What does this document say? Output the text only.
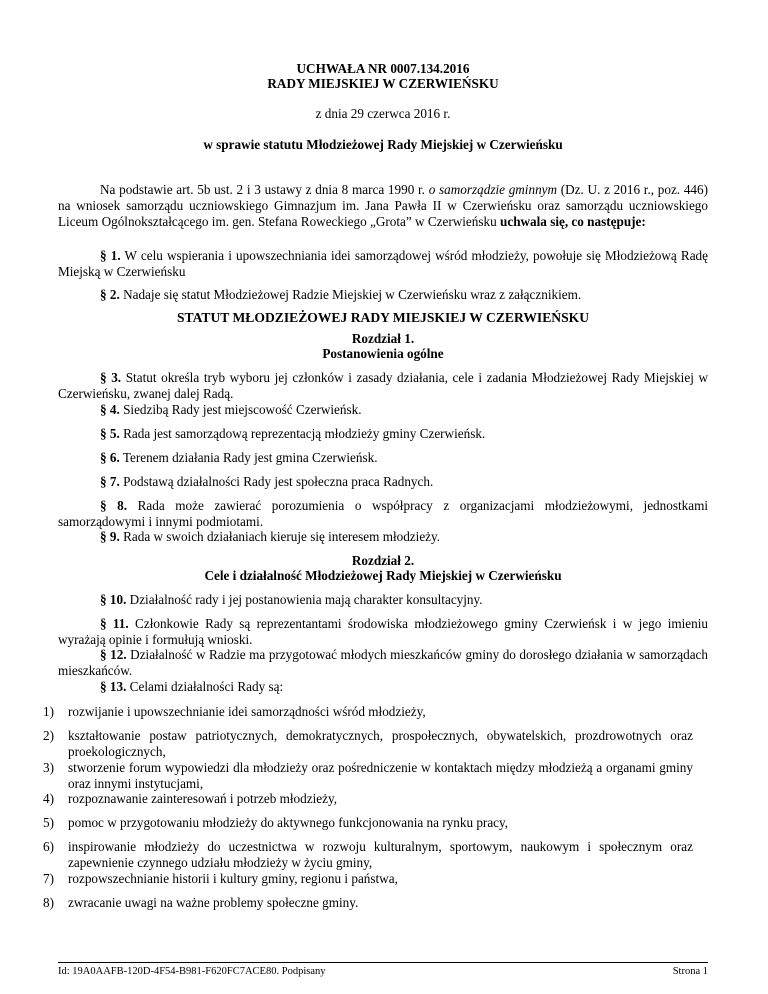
UCHWAŁA NR 0007.134.2016
RADY MIEJSKIEJ W CZERWIEŃSKU
z dnia 29 czerwca 2016 r.
w sprawie statutu Młodzieżowej Rady Miejskiej w Czerwieńsku
Na podstawie art. 5b ust. 2 i 3 ustawy z dnia 8 marca 1990 r. o samorządzie gminnym (Dz. U. z 2016 r., poz. 446) na wniosek samorządu uczniowskiego Gimnazjum im. Jana Pawła II w Czerwieńsku oraz samorządu uczniowskiego Liceum Ogólnokształcącego im. gen. Stefana Roweckiego „Grota” w Czerwieńsku uchwala się, co następuje:
§ 1. W celu wspierania i upowszechniania idei samorządowej wśród młodzieży, powołuje się Młodzieżową Radę Miejską w Czerwieńsku
§ 2. Nadaje się statut Młodzieżowej Radzie Miejskiej w Czerwieńsku wraz z załącznikiem.
STATUT MŁODZIEŻOWEJ RADY MIEJSKIEJ W CZERWIEŃSKU
Rozdział 1.
Postanowienia ogólne
§ 3. Statut określa tryb wyboru jej członków i zasady działania, cele i zadania Młodzieżowej Rady Miejskiej w Czerwieńsku, zwanej dalej Radą.
§ 4. Siedzibą Rady jest miejscowość Czerwieńsk.
§ 5. Rada jest samorządową reprezentacją młodzieży gminy Czerwieńsk.
§ 6. Terenem działania Rady jest gmina Czerwieńsk.
§ 7. Podstawą działalności Rady jest społeczna praca Radnych.
§ 8. Rada może zawierać porozumienia o współpracy z organizacjami młodzieżowymi, jednostkami samorządowymi i innymi podmiotami.
§ 9. Rada w swoich działaniach kieruje się interesem młodzieży.
Rozdział 2.
Cele i działalność Młodzieżowej Rady Miejskiej w Czerwieńsku
§ 10. Działalność rady i jej postanowienia mają charakter konsultacyjny.
§ 11. Członkowie Rady są reprezentantami środowiska młodzieżowego gminy Czerwieńsk i w jego imieniu wyrażają opinie i formułują wnioski.
§ 12. Działalność w Radzie ma przygotować młodych mieszkańców gminy do dorosłego działania w samorządach mieszkańców.
§ 13. Celami działalności Rady są:
1)	rozwijanie i upowszechnianie idei samorządności wśród młodzieży,
2)	kształtowanie postaw patriotycznych, demokratycznych, prospołecznych, obywatelskich, prozdrowotnych oraz proekologicznych,
3)	stworzenie forum wypowiedzi dla młodzieży oraz pośredniczenie w kontaktach między młodzieżą a organami gminy oraz innymi instytucjami,
4)	rozpoznawanie zainteresowań i potrzeb młodzieży,
5)	pomoc w przygotowaniu młodzieży do aktywnego funkcjonowania na rynku pracy,
6)	inspirowanie młodzieży do uczestnictwa w rozwoju kulturalnym, sportowym, naukowym i społecznym oraz zapewnienie czynnego udziału młodzieży w życiu gminy,
7)	rozpowszechnianie historii i kultury gminy, regionu i państwa,
8)	zwracanie uwagi na ważne problemy społeczne gminy.
Id: 19A0AAFB-120D-4F54-B981-F620FC7ACE80. Podpisany	Strona 1
